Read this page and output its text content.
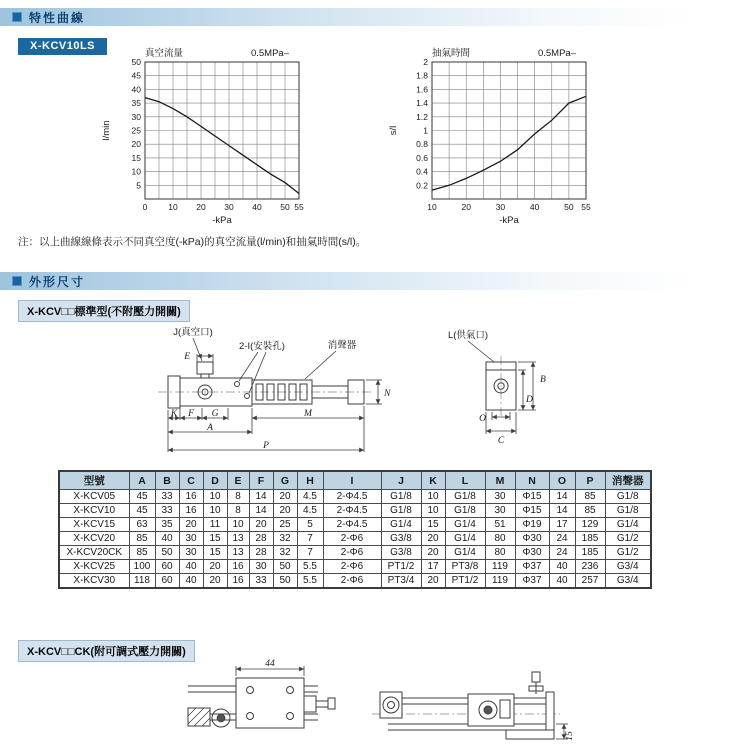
特性曲線
X-KCV10LS
0 10 20 30 40 50 55
5
10
15
20
25
30
35
40
45
50
-kPa
l/min
真空流量	0.5MPa–
10	20	30	40	50 55
0.2
0.4
0.6
0.8
1
1.2
1.4
1.6
1.8
2
-kPa
s/l
抽氣時間	0.5MPa–
注：以上曲線線條表示不同真空度(-kPa)的真空流量(l/min)和抽氣時間(s/l)。
外形尺寸
X-KCV□□標準型(不附壓力開關)
J(真空口)
E
2-I(安裝孔)	消聲器
L(供氣口)
K F G	M
A
P
N
B
D
O
C
型號	A	B	C	D	E	F	G	H	I	J	K	L	M	N	O	P	消聲器
X-KCV05	45	33	16	10	8	14	20	4.5	2-Φ4.5	G1/8	10	G1/8	30	Φ15	14	85	G1/8
X-KCV10	45	33	16	10	8	14	20	4.5	2-Φ4.5	G1/8	10	G1/8	30	Φ15	14	85	G1/8
X-KCV15	63	35	20	11	10	20	25	5	2-Φ4.5	G1/4	15	G1/4	51	Φ19	17	129	G1/4
X-KCV20	85	40	30	15	13	28	32	7	2-Φ6	G3/8	20	G1/4	80	Φ30	24	185	G1/2
X-KCV20CK	85	50	30	15	13	28	32	7	2-Φ6	G3/8	20	G1/4	80	Φ30	24	185	G1/2
X-KCV25	100	60	40	20	16	30	50	5.5	2-Φ6	PT1/2	17	PT3/8	119	Φ37	40	236	G3/4
X-KCV30	118	60	40	20	16	33	50	5.5	2-Φ6	PT3/4	20	PT1/2	119	Φ37	40	257	G3/4
X-KCV□□CK(附可調式壓力開關)
44
15
